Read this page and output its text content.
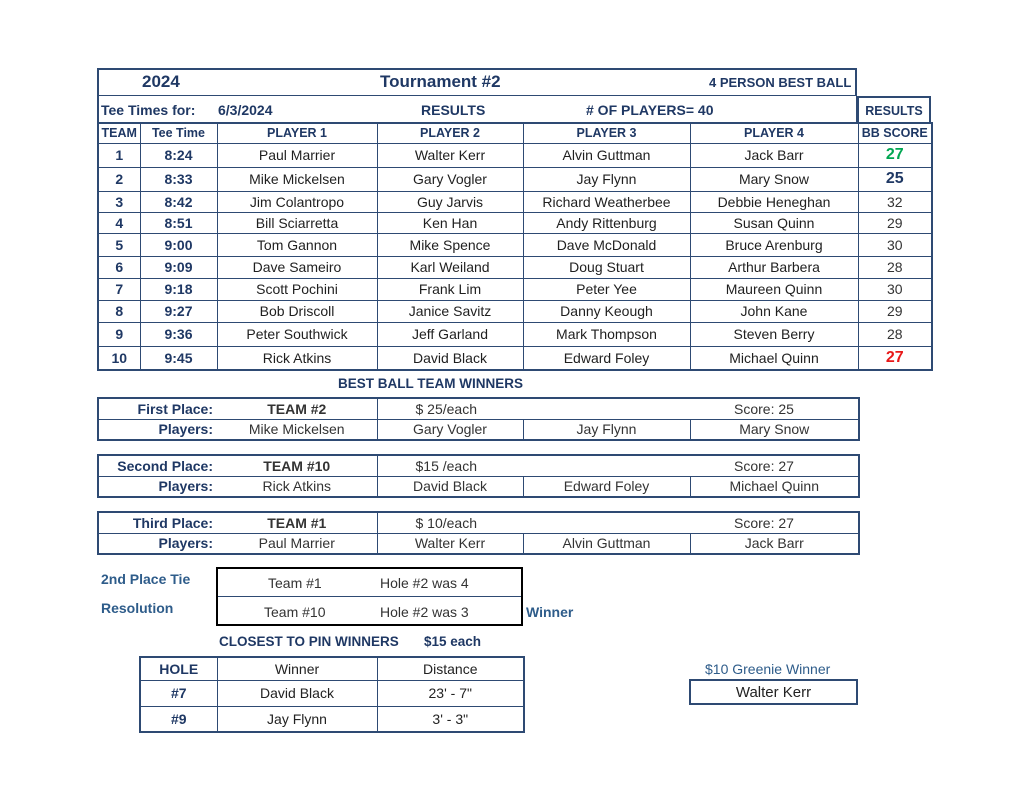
2024	Tournament #2	4 PERSON BEST BALL
Tee Times for: 6/3/2024	RESULTS	# OF PLAYERS= 40	RESULTS
TEAM	Tee Time	PLAYER 1	PLAYER 2	PLAYER 3	PLAYER 4	BB SCORE
1	8:24	Paul Marrier	Walter Kerr	Alvin Guttman	Jack Barr	27
2	8:33	Mike Mickelsen	Gary Vogler	Jay Flynn	Mary Snow	25
3	8:42	Jim Colantropo	Guy Jarvis	Richard Weatherbee	Debbie Heneghan	32
4	8:51	Bill Sciarretta	Ken Han	Andy Rittenburg	Susan Quinn	29
5	9:00	Tom Gannon	Mike Spence	Dave McDonald	Bruce Arenburg	30
6	9:09	Dave Sameiro	Karl Weiland	Doug Stuart	Arthur Barbera	28
7	9:18	Scott Pochini	Frank Lim	Peter Yee	Maureen Quinn	30
8	9:27	Bob Driscoll	Janice Savitz	Danny Keough	John Kane	29
9	9:36	Peter Southwick	Jeff Garland	Mark Thompson	Steven Berry	28
10	9:45	Rick Atkins	David Black	Edward Foley	Michael Quinn	27
BEST BALL TEAM WINNERS
First Place:	TEAM #2	$ 25/each		Score: 25
Players:	Mike Mickelsen	Gary Vogler	Jay Flynn	Mary Snow
Second Place:	TEAM #10	$15 /each		Score: 27
Players:	Rick Atkins	David Black	Edward Foley	Michael Quinn
Third Place:	TEAM #1	$ 10/each		Score: 27
Players:	Paul Marrier	Walter Kerr	Alvin Guttman	Jack Barr
2nd Place Tie
Resolution
Team #1	Hole #2 was 4
Team #10	Hole #2 was 3	Winner
CLOSEST TO PIN WINNERS $15 each
HOLE	Winner	Distance
#7	David Black	23' - 7"
#9	Jay Flynn	3' - 3"
$10 Greenie Winner
Walter Kerr
